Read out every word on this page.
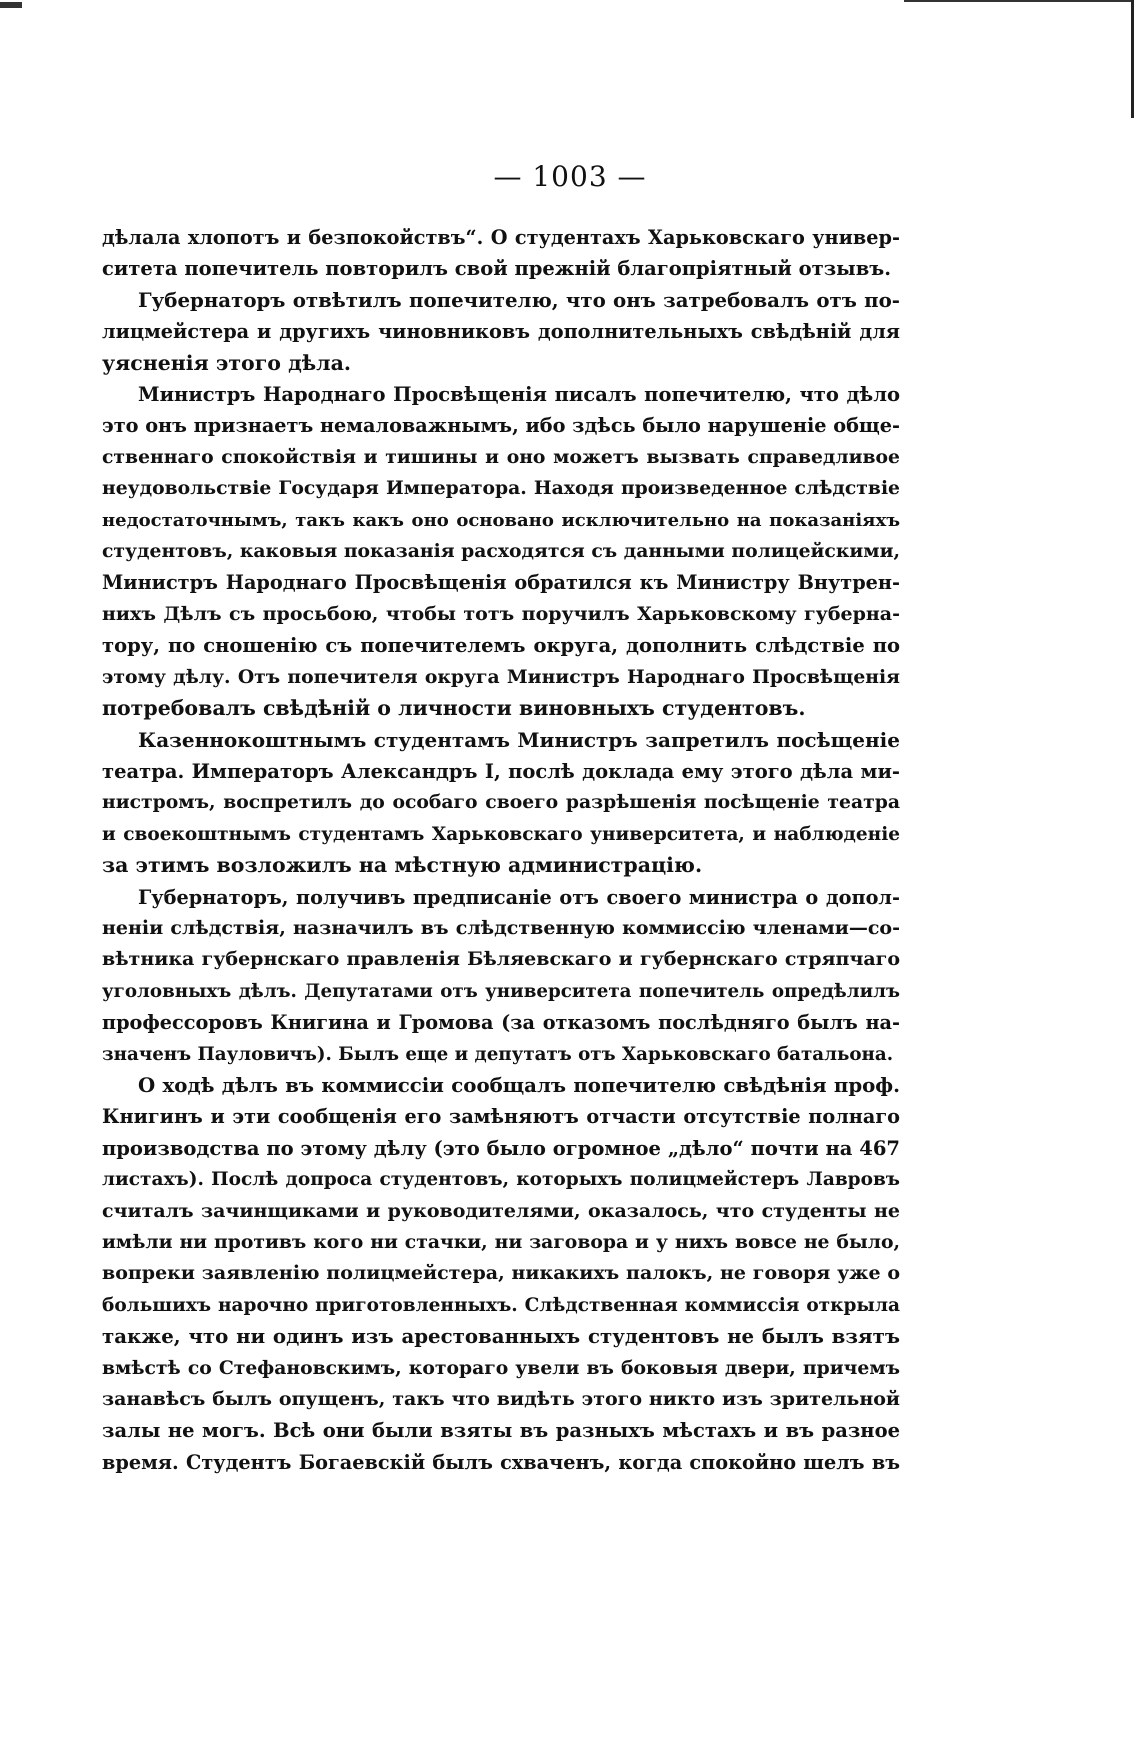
— 1003 —

дѣлала хлопотъ и безпокойствъ“. О студентахъ Харьковскаго универ-
ситета попечитель повторилъ свой прежній благопріятный отзывъ.

Губернаторъ отвѣтилъ попечителю, что онъ затребовалъ отъ по-
лицмейстера и другихъ чиновниковъ дополнительныхъ свѣдѣній для
уясненія этого дѣла.

Министръ Народнаго Просвѣщенія писалъ попечителю, что дѣло
это онъ признаетъ немаловажнымъ, ибо здѣсь было нарушеніе обще-
ственнаго спокойствія и тишины и оно можетъ вызвать справедливое
неудовольствіе Государя Императора. Находя произведенное слѣдствіе
недостаточнымъ, такъ какъ оно основано исключительно на показаніяхъ
студентовъ, каковыя показанія расходятся съ данными полицейскими,
Министръ Народнаго Просвѣщенія обратился къ Министру Внутрен-
нихъ Дѣлъ съ просьбою, чтобы тотъ поручилъ Харьковскому губерна-
тору, по сношенію съ попечителемъ округа, дополнить слѣдствіе по
этому дѣлу. Отъ попечителя округа Министръ Народнаго Просвѣщенія
потребовалъ свѣдѣній о личности виновныхъ студентовъ.

Казеннокоштнымъ студентамъ Министръ запретилъ посѣщеніе
театра. Императоръ Александръ I, послѣ доклада ему этого дѣла ми-
нистромъ, воспретилъ до особаго своего разрѣшенія посѣщеніе театра
и своекоштнымъ студентамъ Харьковскаго университета, и наблюденіе
за этимъ возложилъ на мѣстную администрацію.

Губернаторъ, получивъ предписаніе отъ своего министра о допол-
неніи слѣдствія, назначилъ въ слѣдственную коммиссію членами—со-
вѣтника губернскаго правленія Бѣляевскаго и губернскаго стряпчаго
уголовныхъ дѣлъ. Депутатами отъ университета попечитель опредѣлилъ
профессоровъ Книгина и Громова (за отказомъ послѣдняго былъ на-
значенъ Пауловичъ). Былъ еще и депутатъ отъ Харьковскаго батальона.

О ходѣ дѣлъ въ коммиссіи сообщалъ попечителю свѣдѣнія проф.
Книгинъ и эти сообщенія его замѣняютъ отчасти отсутствіе полнаго
производства по этому дѣлу (это было огромное „дѣло“ почти на 467
листахъ). Послѣ допроса студентовъ, которыхъ полицмейстеръ Лавровъ
считалъ зачинщиками и руководителями, оказалось, что студенты не
имѣли ни противъ кого ни стачки, ни заговора и у нихъ вовсе не было,
вопреки заявленію полицмейстера, никакихъ палокъ, не говоря уже о
большихъ нарочно приготовленныхъ. Слѣдственная коммиссія открыла
также, что ни одинъ изъ арестованныхъ студентовъ не былъ взятъ
вмѣстѣ со Стефановскимъ, котораго увели въ боковыя двери, причемъ
занавѣсъ былъ опущенъ, такъ что видѣть этого никто изъ зрительной
залы не могъ. Всѣ они были взяты въ разныхъ мѣстахъ и въ разное
время. Студентъ Богаевскій былъ схваченъ, когда спокойно шелъ въ
